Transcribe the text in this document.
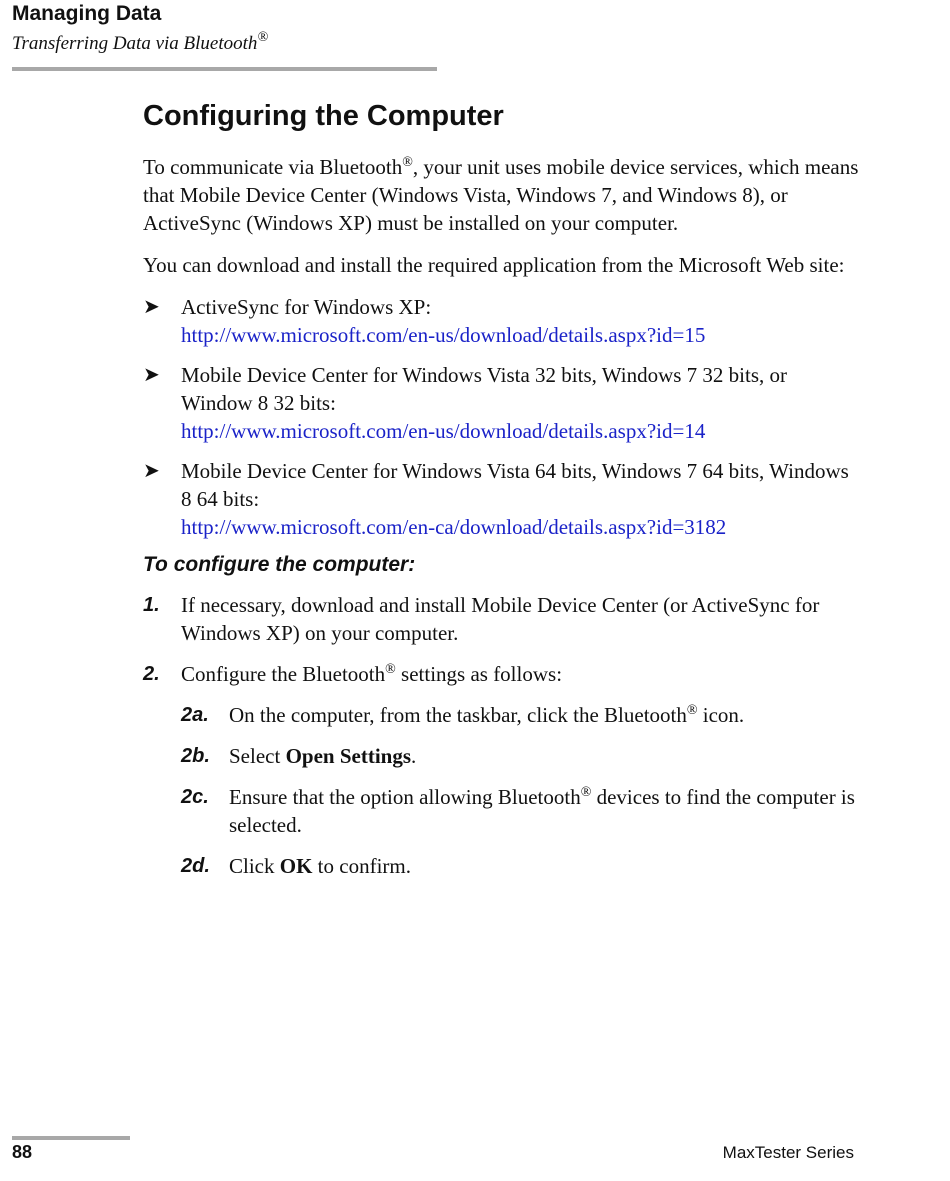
Managing Data
Transferring Data via Bluetooth®
Configuring the Computer

To communicate via Bluetooth®, your unit uses mobile device services, which means that Mobile Device Center (Windows Vista, Windows 7, and Windows 8), or ActiveSync (Windows XP) must be installed on your computer.

You can download and install the required application from the Microsoft Web site:

➤ ActiveSync for Windows XP:
http://www.microsoft.com/en-us/download/details.aspx?id=15
➤ Mobile Device Center for Windows Vista 32 bits, Windows 7 32 bits, or Window 8 32 bits:
http://www.microsoft.com/en-us/download/details.aspx?id=14
➤ Mobile Device Center for Windows Vista 64 bits, Windows 7 64 bits, Windows 8 64 bits:
http://www.microsoft.com/en-ca/download/details.aspx?id=3182
To configure the computer:
1. If necessary, download and install Mobile Device Center (or ActiveSync for Windows XP) on your computer.
2. Configure the Bluetooth® settings as follows:
2a. On the computer, from the taskbar, click the Bluetooth® icon.
2b. Select Open Settings.
2c. Ensure that the option allowing Bluetooth® devices to find the computer is selected.
2d. Click OK to confirm.
88	MaxTester Series
